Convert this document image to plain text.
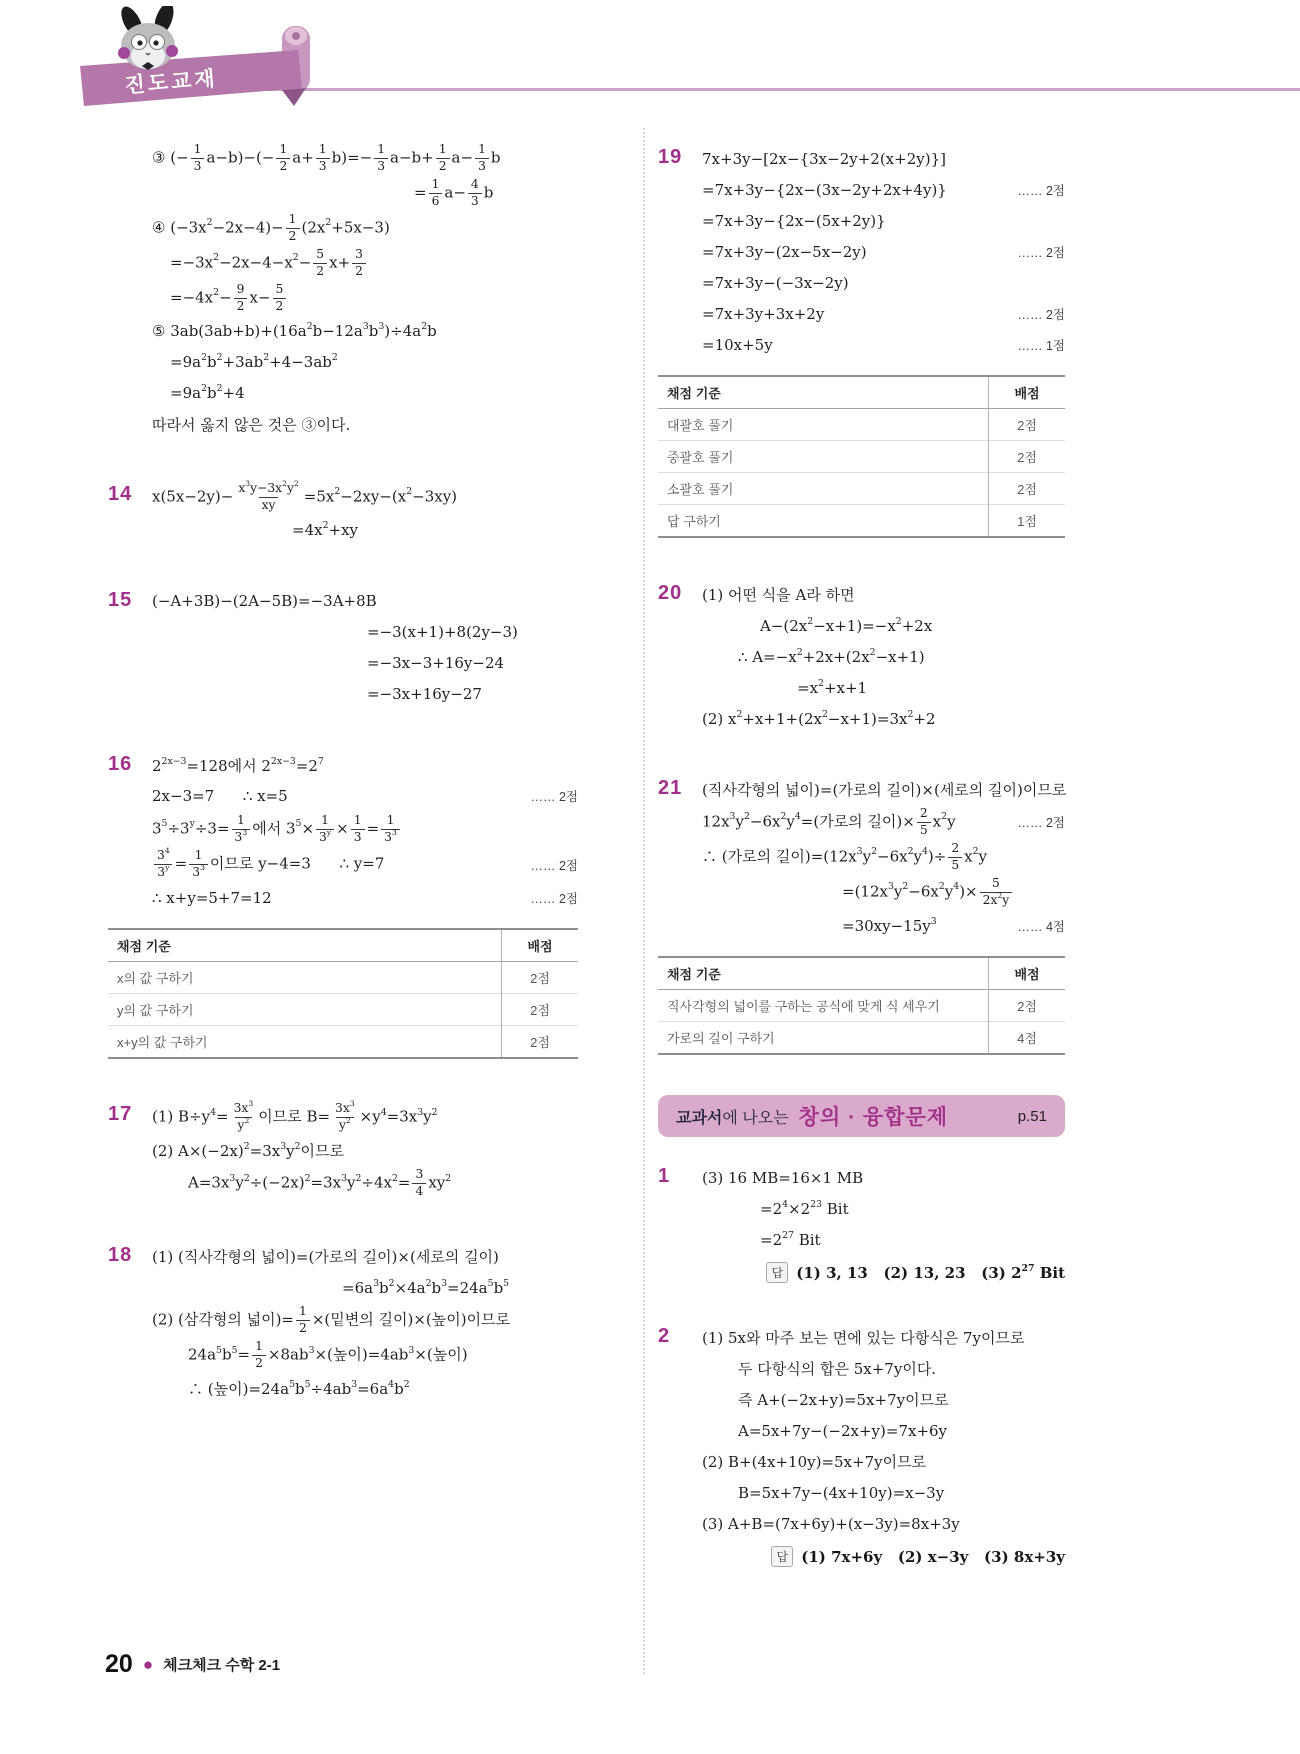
진도교재
③ (− $\frac{1}{3} a-b)-(- \frac{1}{2} a+ \frac{1}{3} b)=- \frac{1}{3} a-b+ \frac{1}{2} a- \frac{1}{3}$ b
= $\frac{1}{6} a- \frac{4}{3}$ b
④ $(-3x^2-2x-4)- \frac{1}{2} (2x^2+5x-3)$
$=-3x^2-2x-4-x^2- \frac{5}{2} x+ \frac{3}{2}$
$=-4x^2- \frac{9}{2} x- \frac{5}{2}$
⑤ $3ab(3ab+b)+(16a^2b-12a^3b^3)\div 4a^2b$
$=9a^2b^2+3ab^2+4-3ab^2$
$=9a^2b^2+4$
따라서 옳지 않은 것은 ③이다.
14	$x(5x-2y)- \frac{x^3y-3x^2y^2}{xy} =5x^2-2xy-(x^2-3xy)$
$=4x^2+xy$
15	(−A+3B)−(2A−5B)=−3A+8B
=−3(x+1)+8(2y−3)
=−3x−3+16y−24
=−3x+16y−27
16	$2^{2x-3}=128$에서 $2^{2x-3}=2^7$
2x−3=7      ∴ x=5	…… 2점
$3^5\div 3^y\div 3= \frac{1}{3^3}$ 에서 $3^5\times \frac{1}{3^y} \times \frac{1}{3} = \frac{1}{3^3}$
$\frac{3^4}{3^y} = \frac{1}{3^3}$ 이므로 y−4=3      ∴ y=7	…… 2점
∴ x+y=5+7=12	…… 2점
채점 기준	배점
x의 값 구하기	2점
y의 값 구하기	2점
x+y의 값 구하기	2점
17	(1) $B\div y^4= \frac{3x^3}{y^2}$ 이므로 $B= \frac{3x^3}{y^2} \times y^4=3x^3y^2$
(2) $A\times(-2x)^2=3x^3y^2$이므로
$A=3x^3y^2\div(-2x)^2=3x^3y^2\div 4x^2= \frac{3}{4} xy^2$
18	(1) (직사각형의 넓이)=(가로의 길이)×(세로의 길이)
$=6a^3b^2\times 4a^2b^3=24a^5b^5$
(2) (삼각형의 넓이)= $\frac{1}{2}$ ×(밑변의 길이)×(높이)이므로
$24a^5b^5= \frac{1}{2} \times 8ab^3\times$(높이)$=4ab^3\times$(높이)
∴ (높이)$=24a^5b^5\div 4ab^3=6a^4b^2$
19	7x+3y−[2x−{3x−2y+2(x+2y)}]
=7x+3y−{2x−(3x−2y+2x+4y)}	…… 2점
=7x+3y−{2x−(5x+2y)}
=7x+3y−(2x−5x−2y)	…… 2점
=7x+3y−(−3x−2y)
=7x+3y+3x+2y	…… 2점
=10x+5y	…… 1점
채점 기준	배점
대괄호 풀기	2점
중괄호 풀기	2점
소괄호 풀기	2점
답 구하기	1점
20	(1) 어떤 식을 A라 하면
$A-(2x^2-x+1)=-x^2+2x$
∴ $A=-x^2+2x+(2x^2-x+1)$
$=x^2+x+1$
(2) $x^2+x+1+(2x^2-x+1)=3x^2+2$
21	(직사각형의 넓이)=(가로의 길이)×(세로의 길이)이므로
$12x^3y^2-6x^2y^4=$(가로의 길이)× $\frac{2}{5} x^2y$	…… 2점
∴ (가로의 길이)$=(12x^3y^2-6x^2y^4)\div \frac{2}{5} x^2y$
$=(12x^3y^2-6x^2y^4)\times \frac{5}{2x^2y}$
$=30xy-15y^3$	…… 4점
채점 기준	배점
직사각형의 넓이를 구하는 공식에 맞게 식 세우기	2점
가로의 길이 구하기	4점
교과서 에 나오는 창의 · 융합문제	p.51
1	(3) 16 MB=16×1 MB
$=2^4\times 2^{23}$ Bit
$=2^{27}$ Bit
답 (1) 3, 13   (2) 13, 23   (3) $2^{27}$ Bit
2	(1) 5x와 마주 보는 면에 있는 다항식은 7y이므로
두 다항식의 합은 5x+7y이다.
즉 A+(−2x+y)=5x+7y이므로
A=5x+7y−(−2x+y)=7x+6y
(2) B+(4x+10y)=5x+7y이므로
B=5x+7y−(4x+10y)=x−3y
(3) A+B=(7x+6y)+(x−3y)=8x+3y
답 (1) 7x+6y   (2) x−3y   (3) 8x+3y
20 ● 체크체크 수학 2-1
